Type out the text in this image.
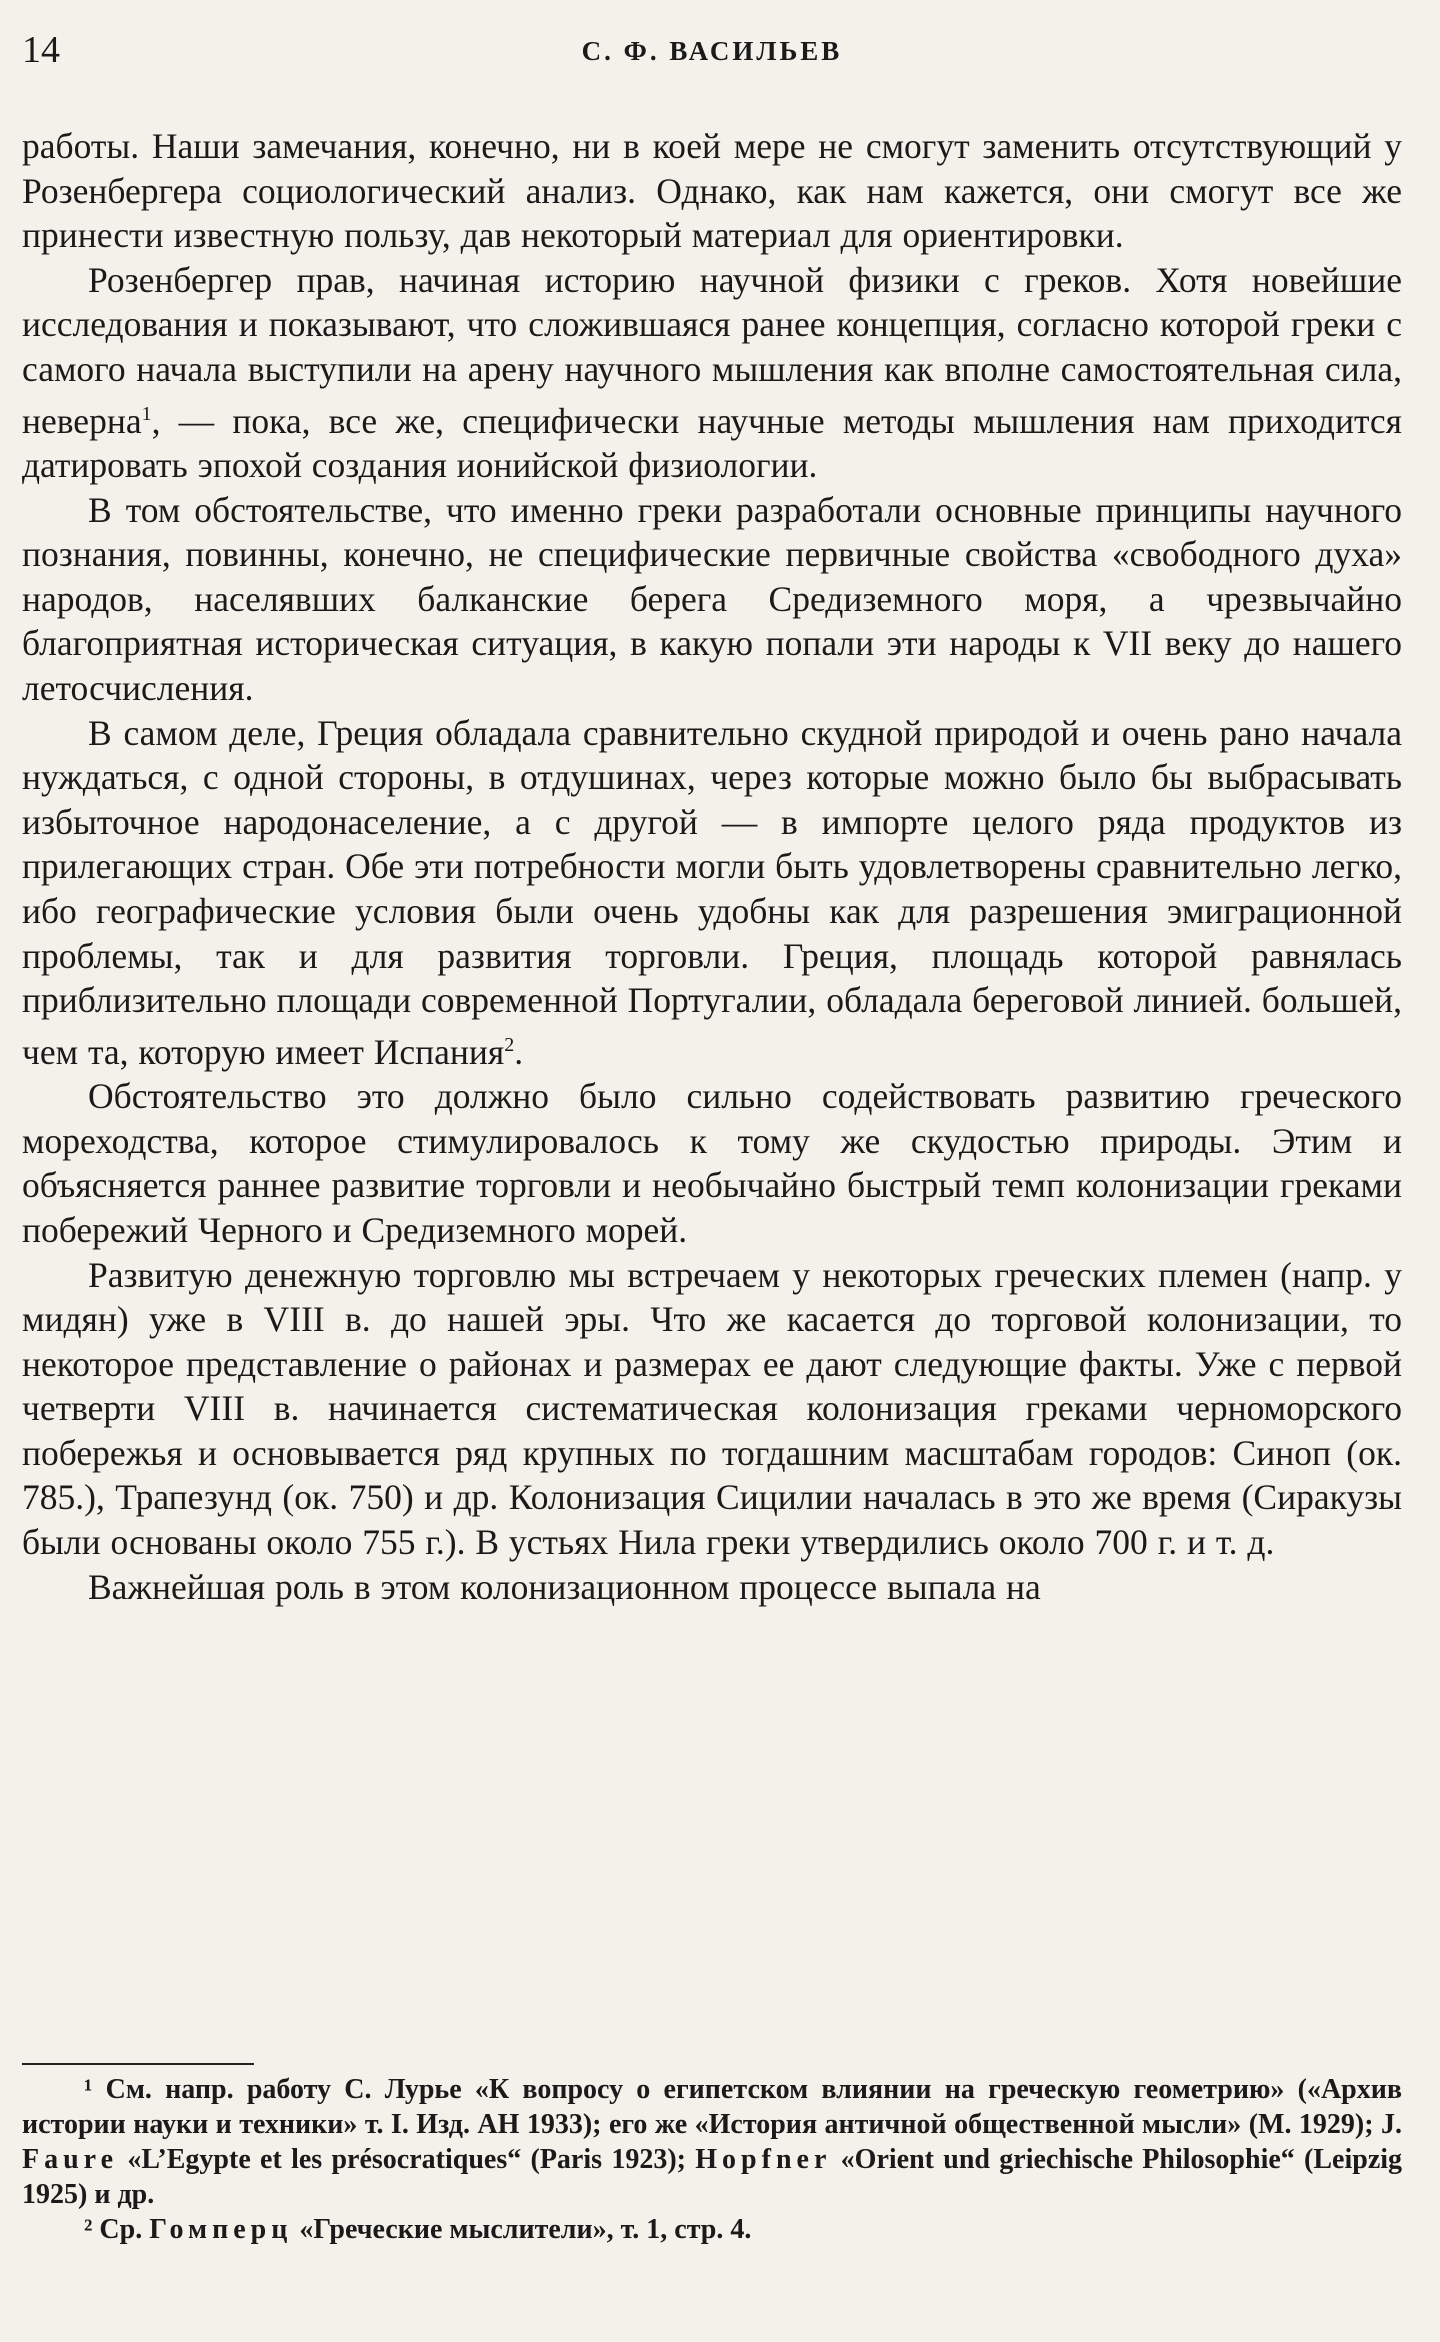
14	С. Ф. ВАСИЛЬЕВ

работы. Наши замечания, конечно, ни в коей мере не смогут заменить отсутствующий у Розенбергера социологический анализ. Однако, как нам кажется, они смогут все же принести известную пользу, дав некоторый материал для ориентировки.

Розенбергер прав, начиная историю научной физики с греков. Хотя новейшие исследования и показывают, что сложившаяся ранее концепция, согласно которой греки с самого начала выступили на арену научного мышления как вполне самостоятельная сила, неверна$^1$, — пока, все же, специфически научные методы мышления нам приходится датировать эпохой создания ионийской физиологии.

В том обстоятельстве, что именно греки разработали основные принципы научного познания, повинны, конечно, не специфические первичные свойства «свободного духа» народов, населявших балканские берега Средиземного моря, а чрезвычайно благоприятная историческая ситуация, в какую попали эти народы к VII веку до нашего летосчисления.

В самом деле, Греция обладала сравнительно скудной природой и очень рано начала нуждаться, с одной стороны, в отдушинах, через которые можно было бы выбрасывать избыточное народонаселение, а с другой — в импорте целого ряда продуктов из прилегающих стран. Обе эти потребности могли быть удовлетворены сравнительно легко, ибо географические условия были очень удобны как для разрешения эмиграционной проблемы, так и для развития торговли. Греция, площадь которой равнялась приблизительно площади современной Португалии, обладала береговой линией. большей, чем та, которую имеет Испания$^2$.

Обстоятельство это должно было сильно содействовать развитию греческого мореходства, которое стимулировалось к тому же скудостью природы. Этим и объясняется раннее развитие торговли и необычайно быстрый темп колонизации греками побережий Черного и Средиземного морей.

Развитую денежную торговлю мы встречаем у некоторых греческих племен (напр. у мидян) уже в VIII в. до нашей эры. Что же касается до торговой колонизации, то некоторое представление о районах и размерах ее дают следующие факты. Уже с первой четверти VIII в. начинается систематическая колонизация греками черноморского побережья и основывается ряд крупных по тогдашним масштабам городов: Синоп (ок. 785.), Трапезунд (ок. 750) и др. Колонизация Сицилии началась в это же время (Сиракузы были основаны около 755 г.). В устьях Нила греки утвердились около 700 г. и т. д.

Важнейшая роль в этом колонизационном процессе выпала на

¹ См. напр. работу С. Лурье «К вопросу о египетском влиянии на греческую геометрию» («Архив истории науки и техники» т. I. Изд. АН 1933); его же «История античной общественной мысли» (М. 1929); J. Faure «L’Egypte et les présocratiques“ (Paris 1923); Hopfner «Orient und griechische Philosophie“ (Leipzig 1925) и др.

² Ср. Гомперц «Греческие мыслители», т. 1, стр. 4.
